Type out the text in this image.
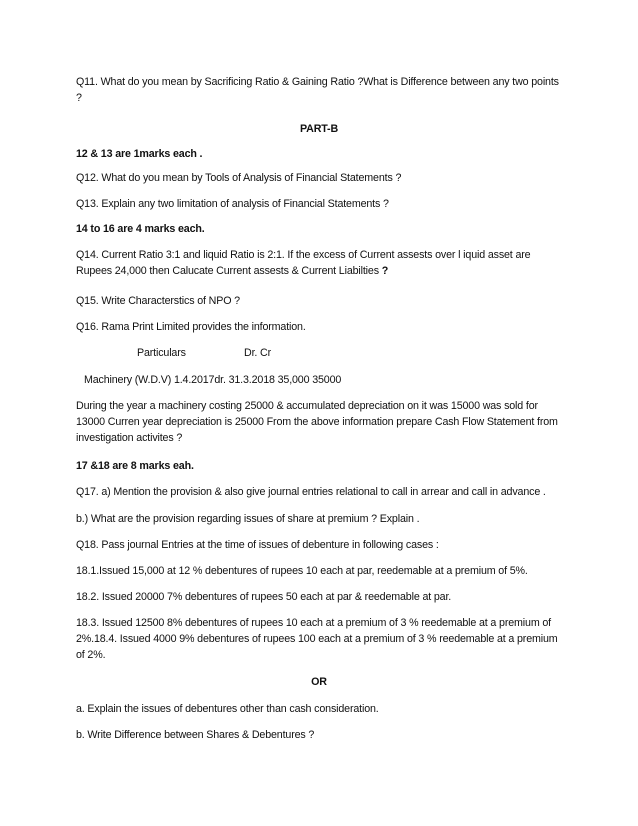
Q11. What do you mean by Sacrificing Ratio & Gaining Ratio ?What is Difference between any two points ?
PART-B
12 & 13 are 1marks each .
Q12. What do you mean by Tools of Analysis of Financial Statements ?
Q13. Explain any two limitation of analysis of Financial Statements ?
14 to 16 are 4 marks each.
Q14. Current Ratio 3:1 and liquid Ratio is 2:1. If the excess of Current assests over l iquid asset are Rupees 24,000 then Calucate Current assests & Current Liabilties ?
Q15. Write Characterstics of NPO ?
Q16. Rama Print Limited provides the information.
Particulars	Dr. Cr
Machinery (W.D.V) 1.4.2017dr. 31.3.2018 35,000 35000
During the year a machinery costing 25000 & accumulated depreciation on it was 15000 was sold for 13000 Curren year depreciation is 25000 From the above information prepare Cash Flow Statement from investigation activites ?
17 &18 are 8 marks eah.
Q17. a) Mention the provision & also give journal entries relational to call in arrear and call in advance .
b.) What are the provision regarding issues of share at premium ? Explain .
Q18. Pass journal Entries at the time of issues of debenture in following cases :
18.1.Issued 15,000 at 12 % debentures of rupees 10 each at par, reedemable at a premium of 5%.
18.2. Issued 20000 7% debentures of rupees 50 each at par & reedemable at par.
18.3. Issued 12500 8% debentures of rupees 10 each at a premium of 3 % reedemable at a premium of 2%.18.4. Issued 4000 9% debentures of rupees 100 each at a premium of 3 % reedemable at a premium of 2%.
OR
a. Explain the issues of debentures other than cash consideration.
b. Write Difference between Shares & Debentures ?
